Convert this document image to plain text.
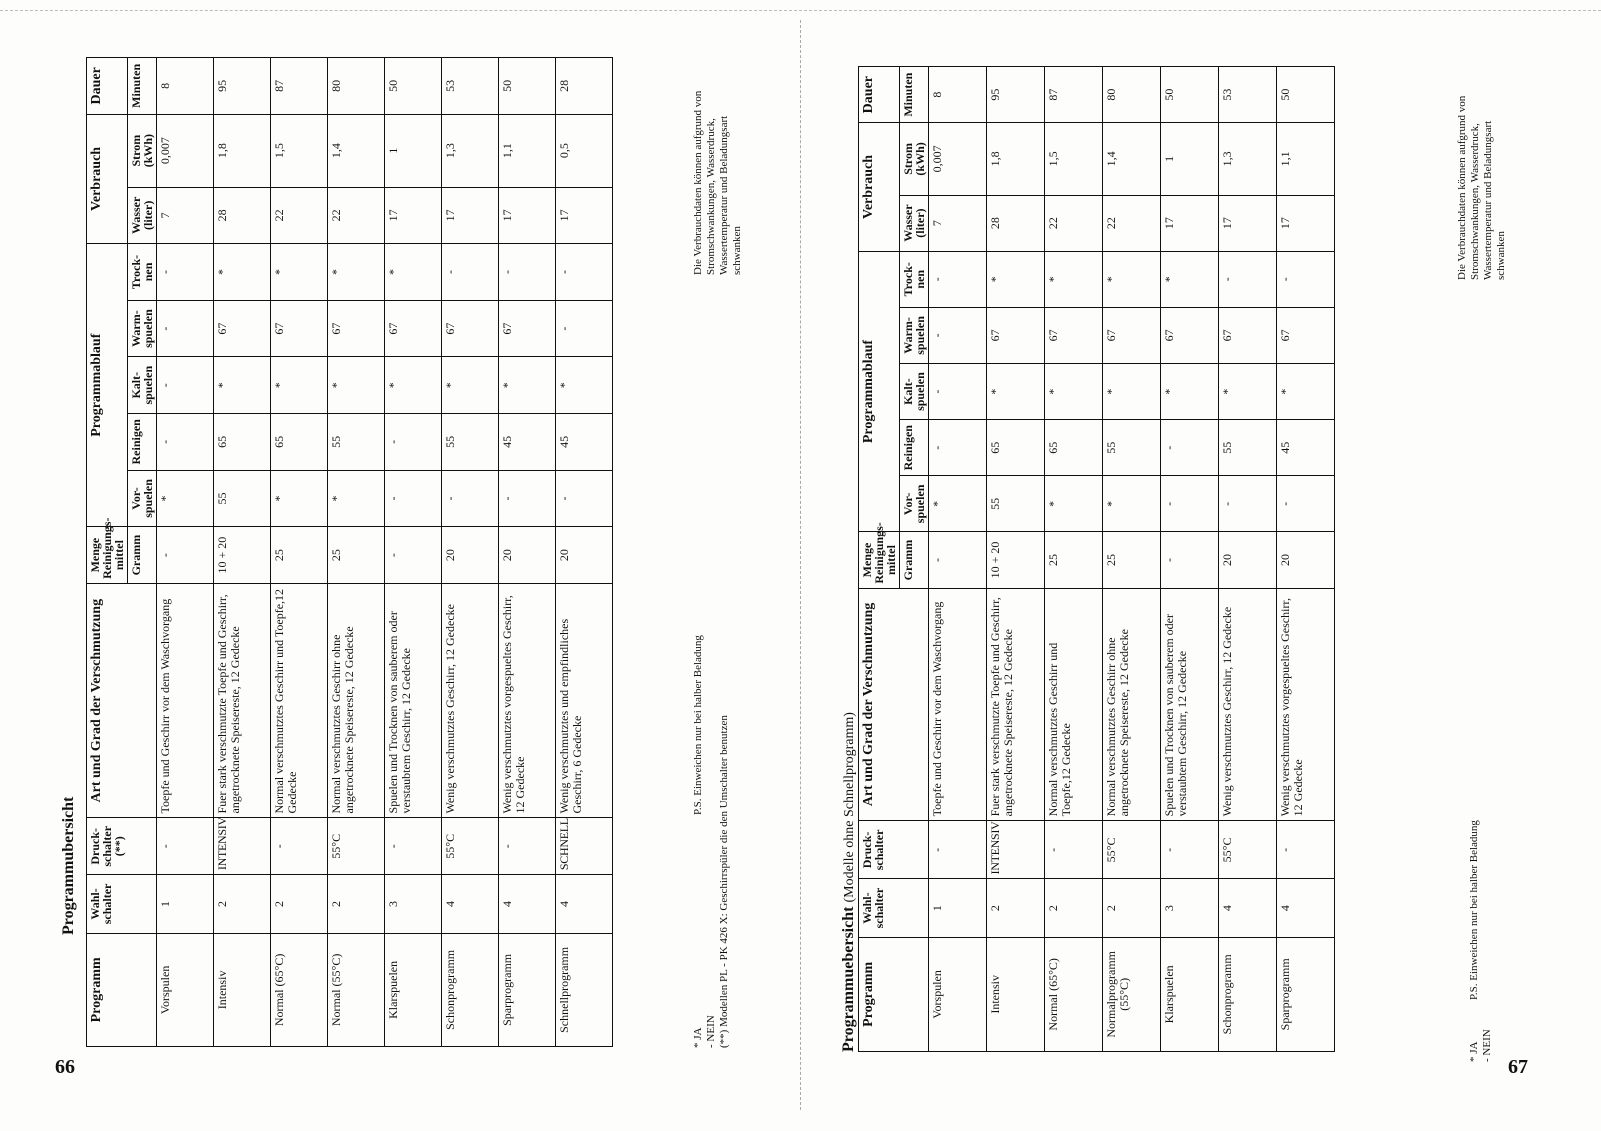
Programmubersicht
Programm	Wahl-schalter	Druck-schalter (**)	Art und Grad der Verschmutzung	Menge Reinigungs-mittel	Programmablauf					Verbrauch		Dauer
				Gramm	Vor-spuelen	Reinigen	Kalt-spuelen	Warm-spuelen	Trock-nen	Wasser (liter)	Strom (kWh)	Minuten
Vorspulen	1	-	Toepfe und Geschirr vor dem Waschvorgang	-	*	-	-	-	-	7	0,007	8
Intensiv	2	INTENSIV	Fuer stark verschmutzte Toepfe und Geschirr, angetrocknete Speisereste, 12 Gedecke	10 + 20	55	65	*	67	*	28	1,8	95
Normal (65°C)	2	-	Normal verschmutztes Geschirr und Toepfe,12 Gedecke	25	*	65	*	67	*	22	1,5	87
Normal (55°C)	2	55°C	Normal verschmutztes Geschirr ohne angetrocknete Speisereste, 12 Gedecke	25	*	55	*	67	*	22	1,4	80
Klarspuelen	3	-	Spuelen und Trocknen von sauberem oder verstaubtem Geschirr, 12 Gedecke	-	-	-	*	67	*	17	1	50
Schonprogramm	4	55°C	Wenig verschmutztes Geschirr, 12 Gedecke	20	-	55	*	67	-	17	1,3	53
Sparprogramm	4	-	Wenig verschmutztes vorgespueltes Geschirr, 12 Gedecke	20	-	45	*	67	-	17	1,1	50
Schnellprogramm	4	SCHNELL	Wenig verschmutztes und empfindliches Geschirr, 6 Gedecke	20	-	45	*	-	-	17	0,5	28
* JA - NEIN (**) Modellen PL - PK 426 X: Geschirrspüler die den Umschalter benutzen
P.S. Einweichen nur bei halber Beladung
Die Verbrauchdaten können aufgrund von Stromschwankungen, Wasserdruck, Wassertemperatur und Beladungsart schwanken
66
Programmuebersicht (Modelle ohne Schnellprogramm)
Programm	Wahl-schalter	Druck-schalter	Art und Grad der Verschmutzung	Menge Reinigungs-mittel	Programmablauf					Verbrauch		Dauer
				Gramm	Vor-spuelen	Reinigen	Kalt-spuelen	Warm-spuelen	Trock-nen	Wasser (liter)	Strom (kWh)	Minuten
Vorspulen	1	-	Toepfe und Geschirr vor dem Waschvorgang	-	*	-	-	-	-	7	0,007	8
Intensiv	2	INTENSIV	Fuer stark verschmutzte Toepfe und Geschirr, angetrocknete Speisereste, 12 Gedecke	10 + 20	55	65	*	67	*	28	1,8	95
Normal (65°C)	2	-	Normal verschmutztes Geschirr und Toepfe,12 Gedecke	25	*	65	*	67	*	22	1,5	87
Normalprogramm (55°C)	2	55°C	Normal verschmutztes Geschirr ohne angetrocknete Speisereste, 12 Gedecke	25	*	55	*	67	*	22	1,4	80
Klarspuelen	3	-	Spuelen und Trocknen von sauberem oder verstaubtem Geschirr, 12 Gedecke	-	-	-	*	67	*	17	1	50
Schonprogramm	4	55°C	Wenig verschmutztes Geschirr, 12 Gedecke	20	-	55	*	67	-	17	1,3	53
Sparprogramm	4	-	Wenig verschmutztes vorgespueltes Geschirr, 12 Gedecke	20	-	45	*	67	-	17	1,1	50
* JA - NEIN
P.S. Einweichen nur bei halber Beladung
Die Verbrauchdaten können aufgrund von Stromschwankungen, Wasserdruck, Wassertemperatur und Beladungsart schwanken
67
